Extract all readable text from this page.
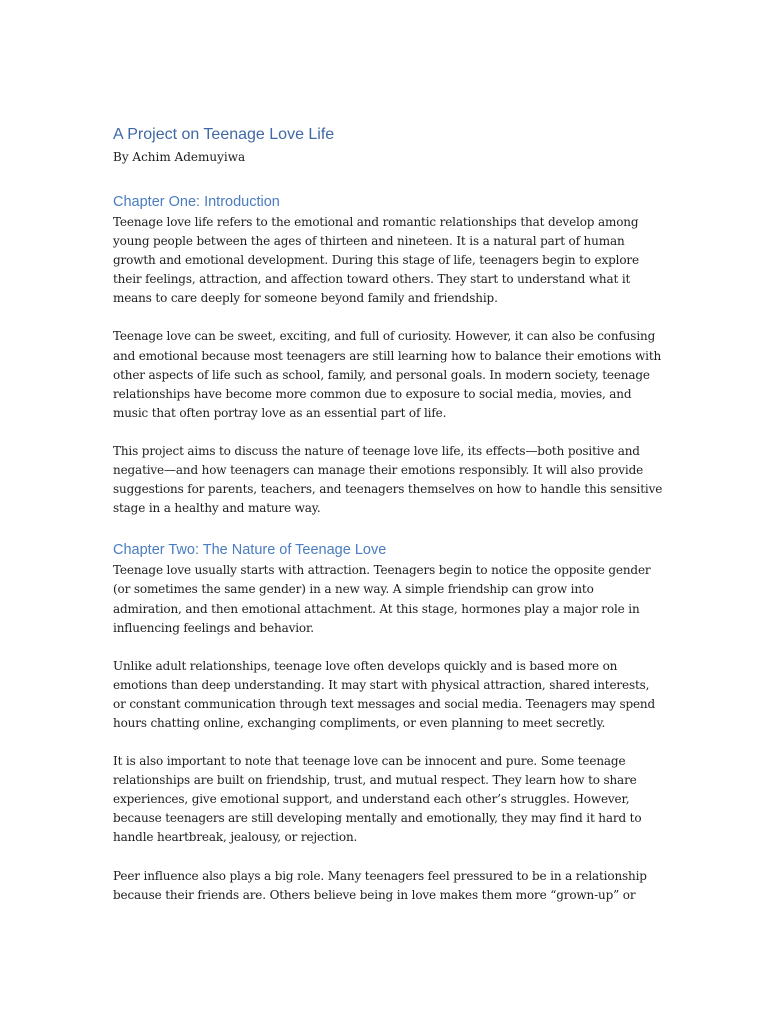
A Project on Teenage Love Life

By Achim Ademuyiwa

Chapter One: Introduction

Teenage love life refers to the emotional and romantic relationships that develop among
young people between the ages of thirteen and nineteen. It is a natural part of human
growth and emotional development. During this stage of life, teenagers begin to explore
their feelings, attraction, and affection toward others. They start to understand what it
means to care deeply for someone beyond family and friendship.

Teenage love can be sweet, exciting, and full of curiosity. However, it can also be confusing
and emotional because most teenagers are still learning how to balance their emotions with
other aspects of life such as school, family, and personal goals. In modern society, teenage
relationships have become more common due to exposure to social media, movies, and
music that often portray love as an essential part of life.

This project aims to discuss the nature of teenage love life, its effects—both positive and
negative—and how teenagers can manage their emotions responsibly. It will also provide
suggestions for parents, teachers, and teenagers themselves on how to handle this sensitive
stage in a healthy and mature way.

Chapter Two: The Nature of Teenage Love

Teenage love usually starts with attraction. Teenagers begin to notice the opposite gender
(or sometimes the same gender) in a new way. A simple friendship can grow into
admiration, and then emotional attachment. At this stage, hormones play a major role in
influencing feelings and behavior.

Unlike adult relationships, teenage love often develops quickly and is based more on
emotions than deep understanding. It may start with physical attraction, shared interests,
or constant communication through text messages and social media. Teenagers may spend
hours chatting online, exchanging compliments, or even planning to meet secretly.

It is also important to note that teenage love can be innocent and pure. Some teenage
relationships are built on friendship, trust, and mutual respect. They learn how to share
experiences, give emotional support, and understand each other’s struggles. However,
because teenagers are still developing mentally and emotionally, they may find it hard to
handle heartbreak, jealousy, or rejection.

Peer influence also plays a big role. Many teenagers feel pressured to be in a relationship
because their friends are. Others believe being in love makes them more “grown-up” or
